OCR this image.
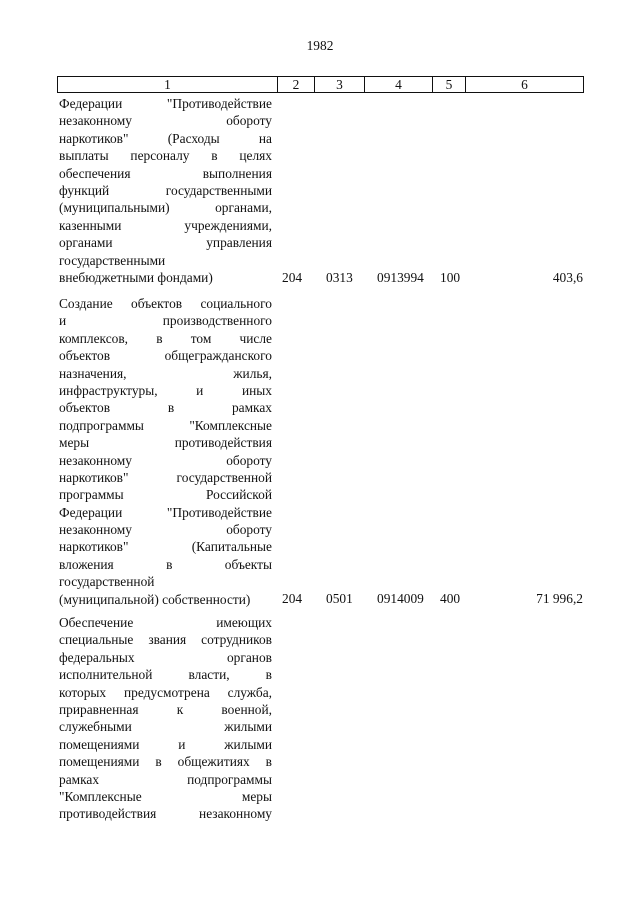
1982
1	2	3	4	5	6
Федерации "Противодействие
незаконному обороту
наркотиков" (Расходы на
выплаты персоналу в целях
обеспечения выполнения
функций государственными
(муниципальными) органами,
казенными учреждениями,
органами управления
государственными
внебюджетными фондами)	204 0313 0913994 100	403,6
Создание объектов социального
и производственного
комплексов, в том числе
объектов общегражданского
назначения, жилья,
инфраструктуры, и иных
объектов в рамках
подпрограммы "Комплексные
меры противодействия
незаконному обороту
наркотиков" государственной
программы Российской
Федерации "Противодействие
незаконному обороту
наркотиков" (Капитальные
вложения в объекты
государственной
(муниципальной) собственности)	204 0501 0914009 400	71 996,2
Обеспечение имеющих
специальные звания сотрудников
федеральных органов
исполнительной власти, в
которых предусмотрена служба,
приравненная к военной,
служебными жилыми
помещениями и жилыми
помещениями в общежитиях в
рамках подпрограммы
"Комплексные меры
противодействия незаконному
